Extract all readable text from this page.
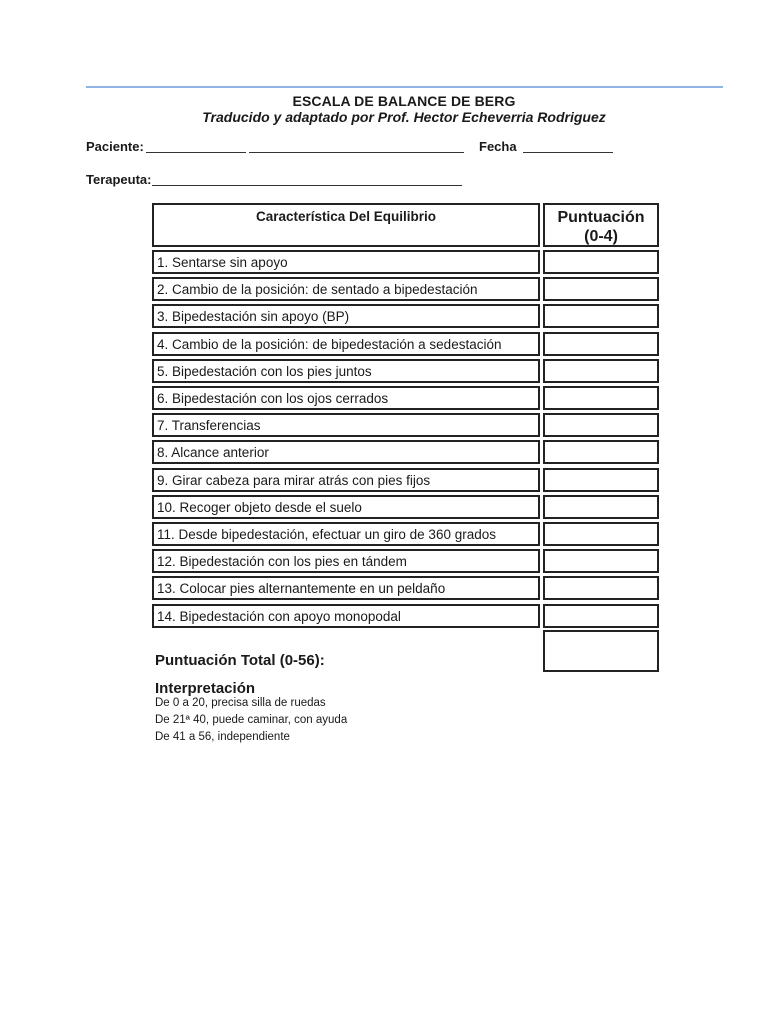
ESCALA DE BALANCE DE BERG
Traducido y adaptado por Prof. Hector Echeverria Rodriguez
Paciente:	Fecha
Terapeuta:
Característica Del Equilibrio	Puntuación
(0-4)
1. Sentarse sin apoyo
2. Cambio de la posición: de sentado a bipedestación
3. Bipedestación sin apoyo (BP)
4. Cambio de la posición: de bipedestación a sedestación
5. Bipedestación con los pies juntos
6. Bipedestación con los ojos cerrados
7. Transferencias
8. Alcance anterior
9. Girar cabeza para mirar atrás con pies fijos
10. Recoger objeto desde el suelo
11. Desde bipedestación, efectuar un giro de 360 grados
12. Bipedestación con los pies en tándem
13. Colocar pies alternantemente en un peldaño
14. Bipedestación con apoyo monopodal
Puntuación Total (0-56):
Interpretación
De 0 a 20, precisa silla de ruedas
De 21ª 40, puede caminar, con ayuda
De 41 a 56, independiente
